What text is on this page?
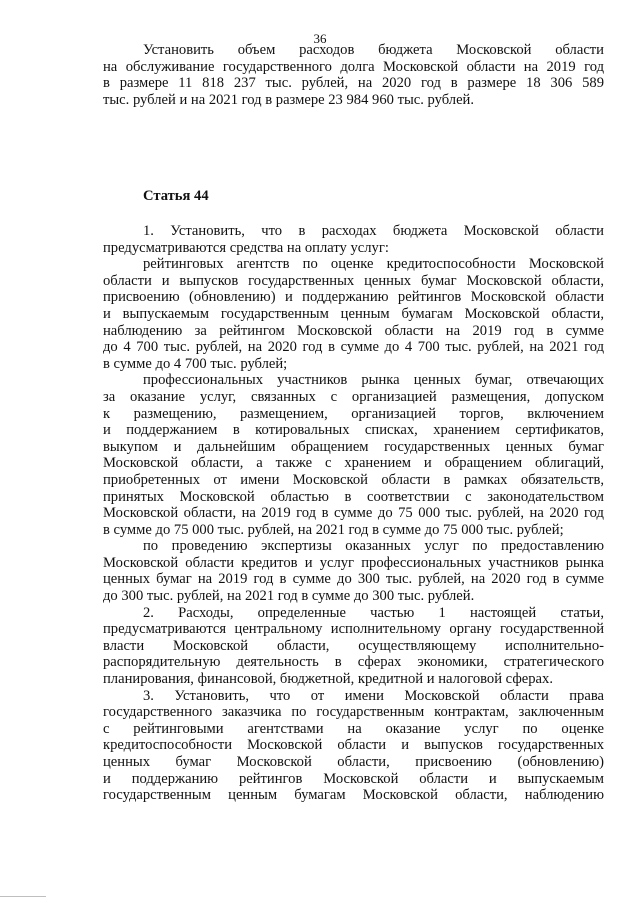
36
Установить объем расходов бюджета Московской области
на обслуживание государственного долга Московской области на 2019 год
в размере 11 818 237 тыс. рублей, на 2020 год в размере 18 306 589
тыс. рублей и на 2021 год в размере 23 984 960 тыс. рублей.
Статья 44
1. Установить, что в расходах бюджета Московской области
предусматриваются средства на оплату услуг:
рейтинговых агентств по оценке кредитоспособности Московской
области и выпусков государственных ценных бумаг Московской области,
присвоению (обновлению) и поддержанию рейтингов Московской области
и выпускаемым государственным ценным бумагам Московской области,
наблюдению за рейтингом Московской области на 2019 год в сумме
до 4 700 тыс. рублей, на 2020 год в сумме до 4 700 тыс. рублей, на 2021 год
в сумме до 4 700 тыс. рублей;
профессиональных участников рынка ценных бумаг, отвечающих
за оказание услуг, связанных с организацией размещения, допуском
к размещению, размещением, организацией торгов, включением
и поддержанием в котировальных списках, хранением сертификатов,
выкупом и дальнейшим обращением государственных ценных бумаг
Московской области, а также с хранением и обращением облигаций,
приобретенных от имени Московской области в рамках обязательств,
принятых Московской областью в соответствии с законодательством
Московской области, на 2019 год в сумме до 75 000 тыс. рублей, на 2020 год
в сумме до 75 000 тыс. рублей, на 2021 год в сумме до 75 000 тыс. рублей;
по проведению экспертизы оказанных услуг по предоставлению
Московской области кредитов и услуг профессиональных участников рынка
ценных бумаг на 2019 год в сумме до 300 тыс. рублей, на 2020 год в сумме
до 300 тыс. рублей, на 2021 год в сумме до 300 тыс. рублей.
2. Расходы, определенные частью 1 настоящей статьи,
предусматриваются центральному исполнительному органу государственной
власти Московской области, осуществляющему исполнительно-
распорядительную деятельность в сферах экономики, стратегического
планирования, финансовой, бюджетной, кредитной и налоговой сферах.
3. Установить, что от имени Московской области права
государственного заказчика по государственным контрактам, заключенным
с рейтинговыми агентствами на оказание услуг по оценке
кредитоспособности Московской области и выпусков государственных
ценных бумаг Московской области, присвоению (обновлению)
и поддержанию рейтингов Московской области и выпускаемым
государственным ценным бумагам Московской области, наблюдению
